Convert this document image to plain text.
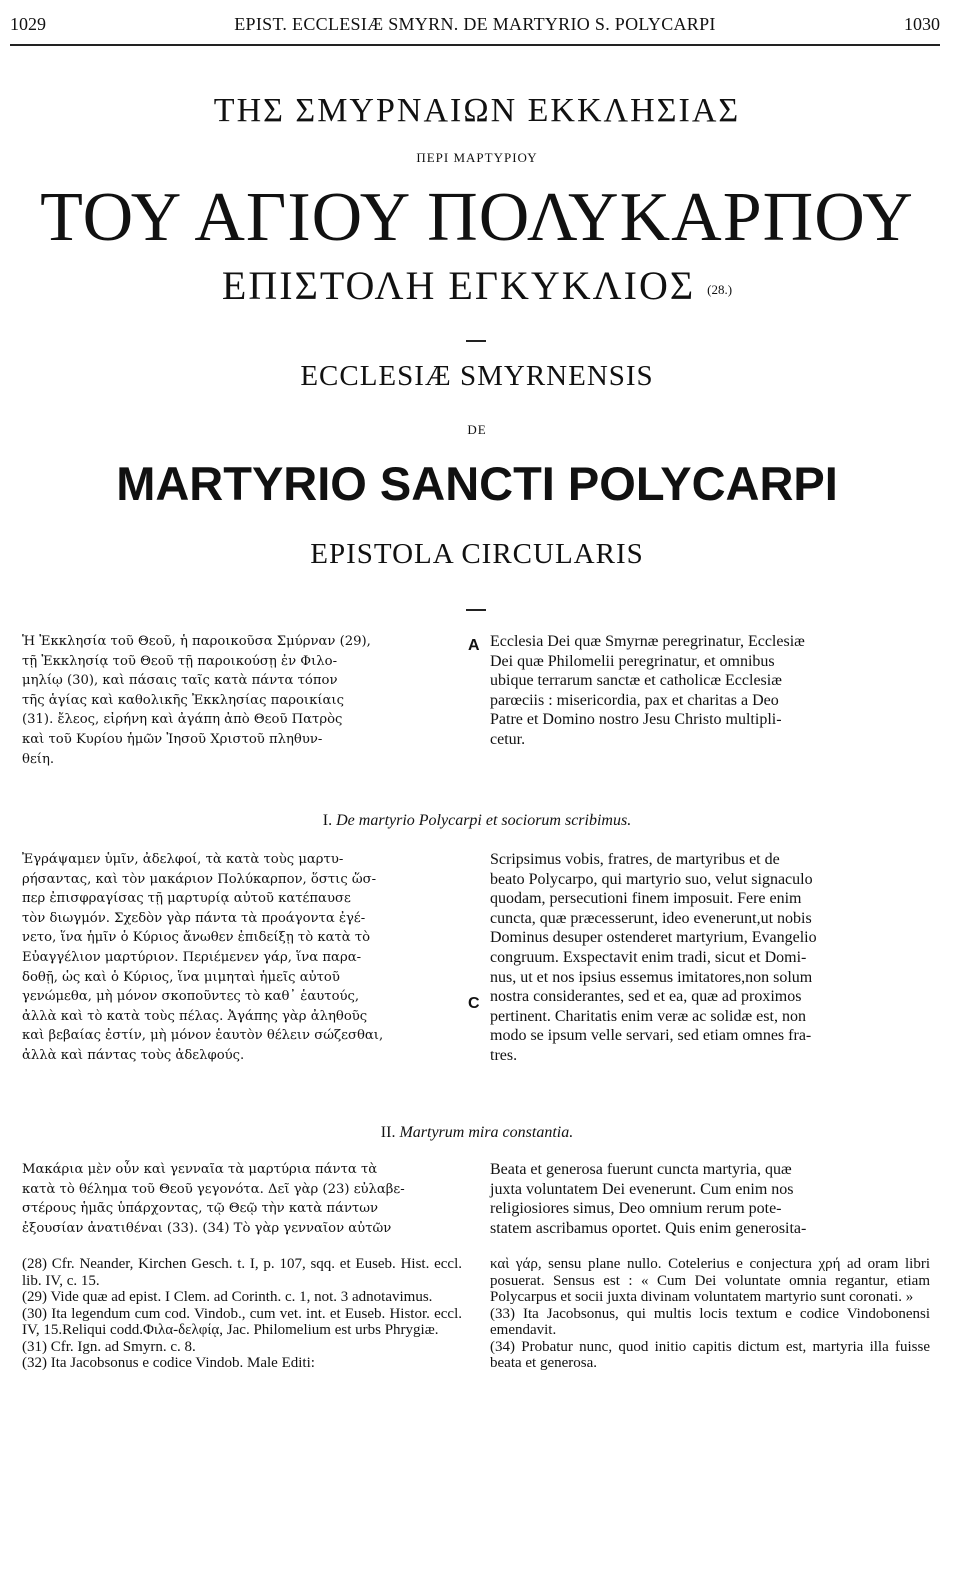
1029	EPIST. ECCLESIÆ SMYRN. DE MARTYRIO S. POLYCARPI	1030
ΤΗΣ ΣΜΥΡΝΑΙΩΝ ΕΚΚΛΗΣΙΑΣ
ΠΕΡΙ ΜΑΡΤΥΡΙΟΥ
ΤΟΥ ΑΓΙΟΥ ΠΟΛΥΚΑΡΠΟΥ
ΕΠΙΣΤΟΛΗ ΕΓΚΥΚΛΙΟΣ $^{(28.)}$
ECCLESIÆ SMYRNENSIS
DE
MARTYRIO SANCTI POLYCARPI
EPISTOLA CIRCULARIS

Ἡ Ἐκκλησία τοῦ Θεοῦ, ἡ παροικοῦσα Σμύρναν (29),

τῇ Ἐκκλησίᾳ τοῦ Θεοῦ τῇ παροικούσῃ ἐν Φιλο-

μηλίῳ (30), καὶ πάσαις ταῖς κατὰ πάντα τόπον

τῆς ἁγίας καὶ καθολικῆς Ἐκκλησίας παροικίαις

(31). ἔλεος, εἰρήνη καὶ ἀγάπη ἀπὸ Θεοῦ Πατρὸς

καὶ τοῦ Κυρίου ἡμῶν Ἰησοῦ Χριστοῦ πληθυν-

θείη.

A Ecclesia Dei quæ Smyrnæ peregrinatur, Ecclesiæ

Dei quæ Philomelii peregrinatur, et omnibus

ubique terrarum sanctæ et catholicæ Ecclesiæ

parœciis : misericordia, pax et charitas a Deo

Patre et Domino nostro Jesu Christo multipli-

cetur.

I. De martyrio Polycarpi et sociorum scribimus.

Ἐγράψαμεν ὑμῖν, ἀδελφοί, τὰ κατὰ τοὺς μαρτυ-

ρήσαντας, καὶ τὸν μακάριον Πολύκαρπον, ὅστις ὥσ-

περ ἐπισφραγίσας τῇ μαρτυρίᾳ αὐτοῦ κατέπαυσε

τὸν διωγμόν. Σχεδὸν γὰρ πάντα τὰ προάγοντα ἐγέ-

νετο, ἵνα ἡμῖν ὁ Κύριος ἄνωθεν ἐπιδείξῃ τὸ κατὰ τὸ

Εὐαγγέλιον μαρτύριον. Περιέμενεν γάρ, ἵνα παρα-

δοθῇ, ὡς καὶ ὁ Κύριος, ἵνα μιμηταὶ ἡμεῖς αὐτοῦ

γενώμεθα, μὴ μόνον σκοποῦντες τὸ καθ᾽ ἑαυτούς,

ἀλλὰ καὶ τὸ κατὰ τοὺς πέλας. Ἀγάπης γὰρ ἀληθοῦς

καὶ βεβαίας ἐστίν, μὴ μόνον ἑαυτὸν θέλειν σώζεσθαι,

ἀλλὰ καὶ πάντας τοὺς ἀδελφούς.

C

Scripsimus vobis, fratres, de martyribus et de

beato Polycarpo, qui martyrio suo, velut signaculo

quodam, persecutioni finem imposuit. Fere enim

cuncta, quæ præcesserunt, ideo evenerunt,ut nobis

Dominus desuper ostenderet martyrium, Evangelio

congruum. Exspectavit enim tradi, sicut et Domi-

nus, ut et nos ipsius essemus imitatores,non solum

nostra considerantes, sed et ea, quæ ad proximos

pertinent. Charitatis enim veræ ac solidæ est, non

modo se ipsum velle servari, sed etiam omnes fra-

tres.

II. Martyrum mira constantia.

Μακάρια μὲν οὖν καὶ γενναῖα τὰ μαρτύρια πάντα τὰ

κατὰ τὸ θέλημα τοῦ Θεοῦ γεγονότα. Δεῖ γὰρ (23) εὐλαβε-

στέρους ἡμᾶς ὑπάρχοντας, τῷ Θεῷ τὴν κατὰ πάντων

ἐξουσίαν ἀνατιθέναι (33). (34) Τὸ γὰρ γενναῖον αὐτῶν

Beata et generosa fuerunt cuncta martyria, quæ

juxta voluntatem Dei evenerunt. Cum enim nos

religiosiores simus, Deo omnium rerum pote-

statem ascribamus oportet. Quis enim generosita-

(28) Cfr. Neander, Kirchen Gesch. t. I, p. 107, sqq. et Euseb. Hist. eccl. lib. IV, c. 15.

(29) Vide quæ ad epist. I Clem. ad Corinth. c. 1, not. 3 adnotavimus.

(30) Ita legendum cum cod. Vindob., cum vet. int. et Euseb. Histor. eccl. IV, 15.Reliqui codd.Φιλα-δελφίᾳ, Jac. Philomelium est urbs Phrygiæ.

(31) Cfr. Ign. ad Smyrn. c. 8.

(32) Ita Jacobsonus e codice Vindob. Male Editi:

καὶ γάρ, sensu plane nullo. Cotelerius e conjectura χρή ad oram libri posuerat. Sensus est : « Cum Dei voluntate omnia regantur, etiam Polycarpus et socii juxta divinam voluntatem martyrio sunt coronati. »

(33) Ita Jacobsonus, qui multis locis textum e codice Vindobonensi emendavit.

(34) Probatur nunc, quod initio capitis dictum est, martyria illa fuisse beata et generosa.
